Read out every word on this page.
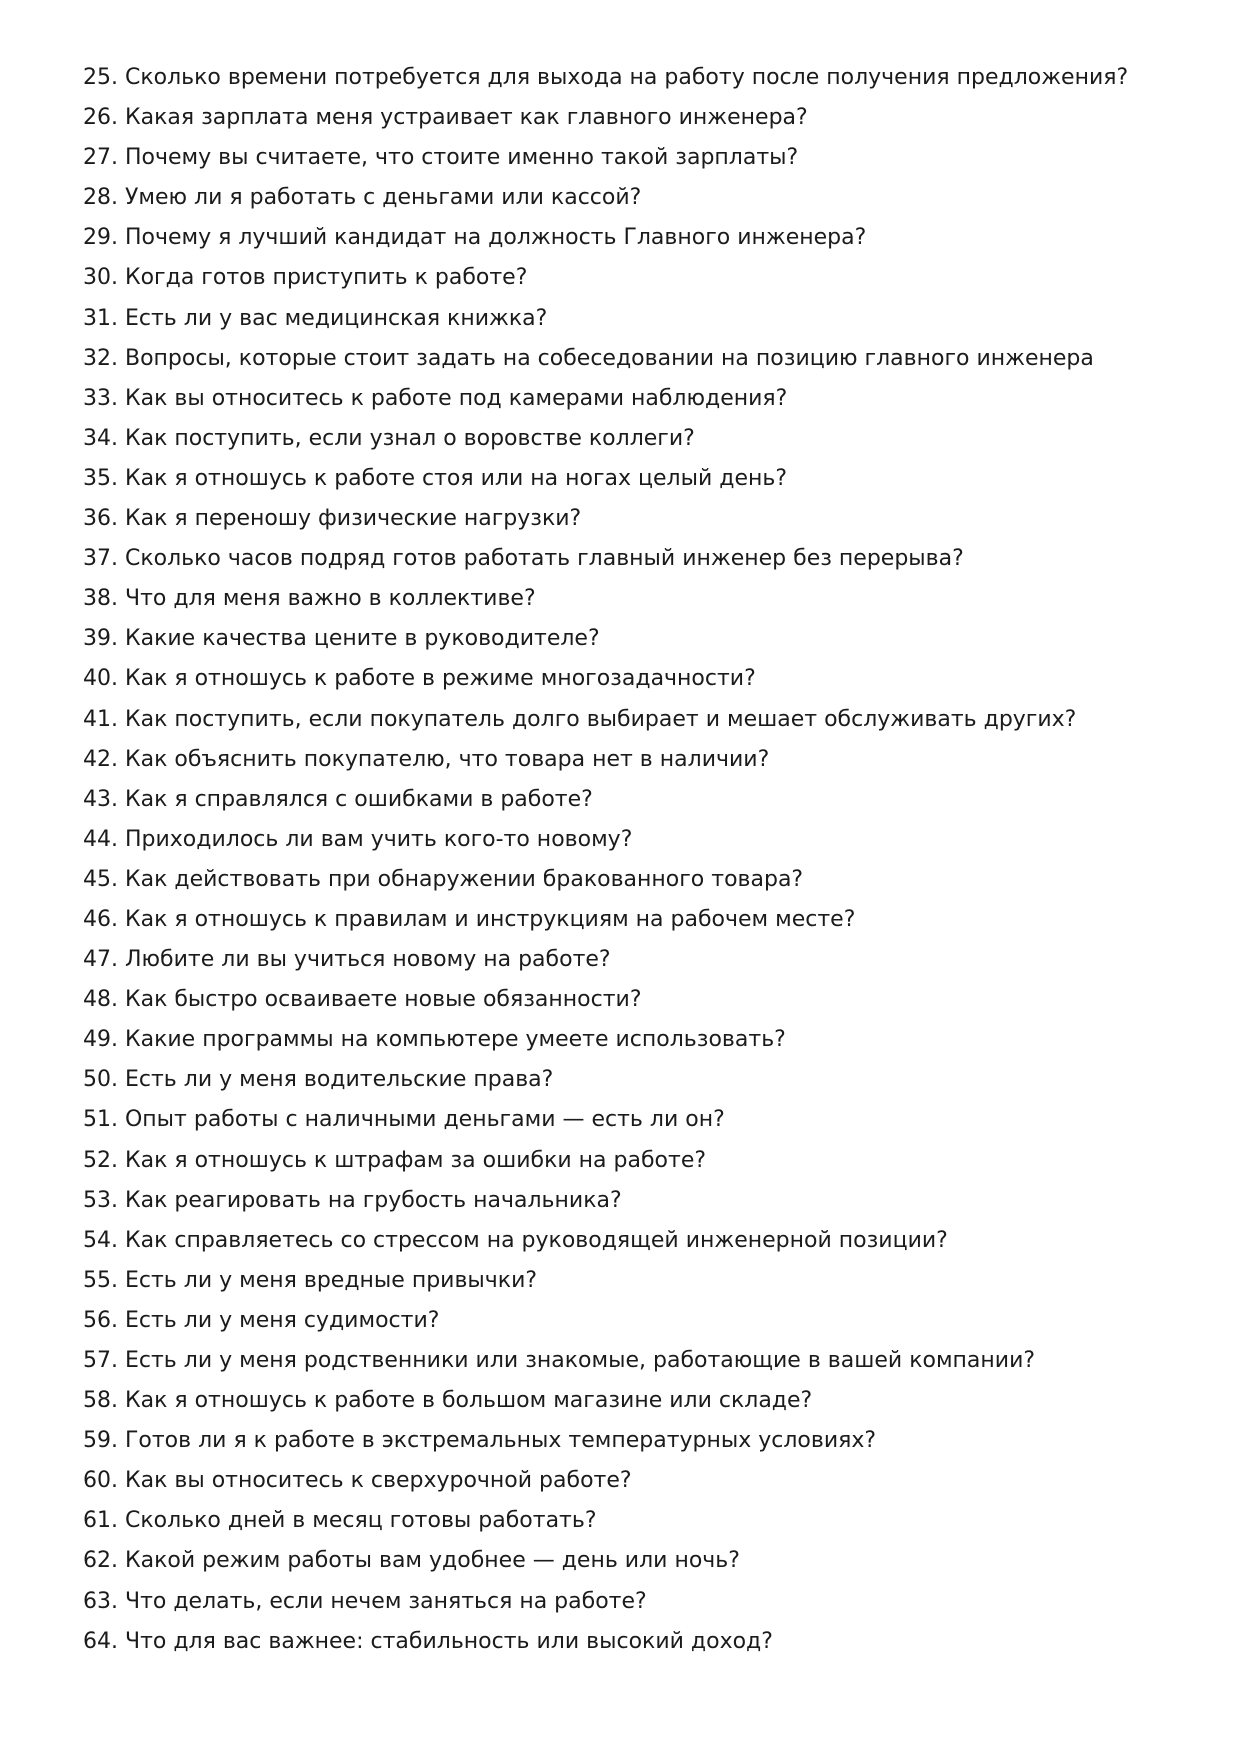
25. Сколько времени потребуется для выхода на работу после получения предложения?
26. Какая зарплата меня устраивает как главного инженера?
27. Почему вы считаете, что стоите именно такой зарплаты?
28. Умею ли я работать с деньгами или кассой?
29. Почему я лучший кандидат на должность Главного инженера?
30. Когда готов приступить к работе?
31. Есть ли у вас медицинская книжка?
32. Вопросы, которые стоит задать на собеседовании на позицию главного инженера
33. Как вы относитесь к работе под камерами наблюдения?
34. Как поступить, если узнал о воровстве коллеги?
35. Как я отношусь к работе стоя или на ногах целый день?
36. Как я переношу физические нагрузки?
37. Сколько часов подряд готов работать главный инженер без перерыва?
38. Что для меня важно в коллективе?
39. Какие качества цените в руководителе?
40. Как я отношусь к работе в режиме многозадачности?
41. Как поступить, если покупатель долго выбирает и мешает обслуживать других?
42. Как объяснить покупателю, что товара нет в наличии?
43. Как я справлялся с ошибками в работе?
44. Приходилось ли вам учить кого-то новому?
45. Как действовать при обнаружении бракованного товара?
46. Как я отношусь к правилам и инструкциям на рабочем месте?
47. Любите ли вы учиться новому на работе?
48. Как быстро осваиваете новые обязанности?
49. Какие программы на компьютере умеете использовать?
50. Есть ли у меня водительские права?
51. Опыт работы с наличными деньгами — есть ли он?
52. Как я отношусь к штрафам за ошибки на работе?
53. Как реагировать на грубость начальника?
54. Как справляетесь со стрессом на руководящей инженерной позиции?
55. Есть ли у меня вредные привычки?
56. Есть ли у меня судимости?
57. Есть ли у меня родственники или знакомые, работающие в вашей компании?
58. Как я отношусь к работе в большом магазине или складе?
59. Готов ли я к работе в экстремальных температурных условиях?
60. Как вы относитесь к сверхурочной работе?
61. Сколько дней в месяц готовы работать?
62. Какой режим работы вам удобнее — день или ночь?
63. Что делать, если нечем заняться на работе?
64. Что для вас важнее: стабильность или высокий доход?
